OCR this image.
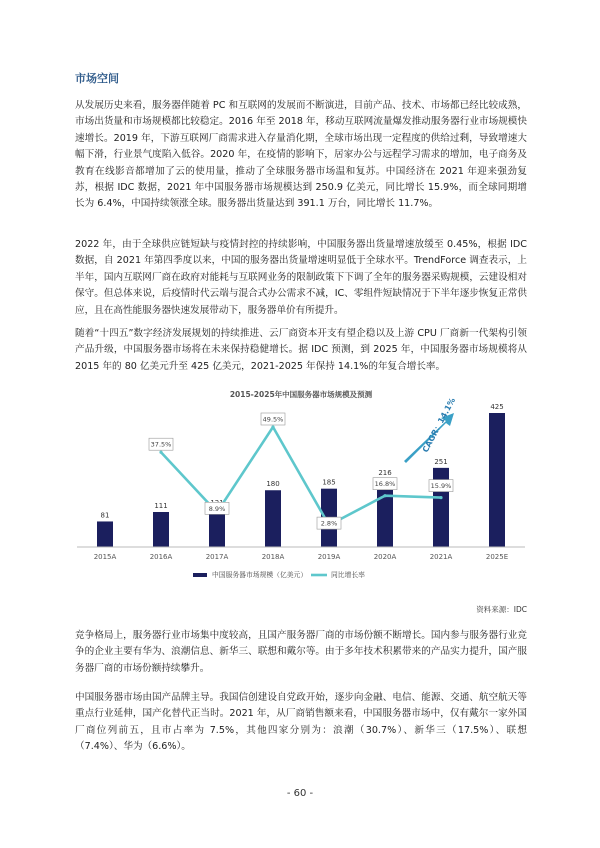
市场空间

从发展历史来看，服务器伴随着 PC 和互联网的发展而不断演进，目前产品、技术、市场都已经比较成熟，市场出货量和市场规模都比较稳定。2016 年至 2018 年，移动互联网流量爆发推动服务器行业市场规模快速增长。2019 年，下游互联网厂商需求进入存量消化期，全球市场出现一定程度的供给过剩，导致增速大幅下滑，行业景气度陷入低谷。2020 年，在疫情的影响下，居家办公与远程学习需求的增加，电子商务及教育在线影音都增加了云的使用量，推动了全球服务器市场温和复苏。中国经济在 2021 年迎来强劲复苏，根据 IDC 数据，2021 年中国服务器市场规模达到 250.9 亿美元，同比增长 15.9%，而全球同期增长为 6.4%，中国持续领涨全球。服务器出货量达到 391.1 万台，同比增长 11.7%。

2022 年，由于全球供应链短缺与疫情封控的持续影响，中国服务器出货量增速放缓至 0.45%，根据 IDC 数据，自 2021 年第四季度以来，中国的服务器出货量增速明显低于全球水平。TrendForce 调查表示，上半年，国内互联网厂商在政府对能耗与互联网业务的限制政策下下调了全年的服务器采购规模，云建设相对保守。但总体来说，后疫情时代云端与混合式办公需求不减，IC、零组件短缺情况于下半年逐步恢复正常供应，且在高性能服务器快速发展带动下，服务器单价有所提升。

随着“十四五”数字经济发展规划的持续推进、云厂商资本开支有望企稳以及上游 CPU 厂商新一代架构引领产品升级，中国服务器市场将在未来保持稳健增长。据 IDC 预测，到 2025 年，中国服务器市场规模将从 2015 年的 80 亿美元升至 425 亿美元，2021-2025 年保持 14.1%的年复合增长率。

2015-2025年中国服务器市场规模及预测
81
111
180	185
216
251
425
2015A	2016A	2017A	2018A	2019A	2020A	2021A	2025E
37.5%
8.9%
49.5%
2.8%
16.8%	15.9%
CAGR：14.1%
中国服务器市场规模（亿美元）	同比增长率
资料来源：IDC

竞争格局上，服务器行业市场集中度较高，且国产服务器厂商的市场份额不断增长。国内参与服务器行业竞争的企业主要有华为、浪潮信息、新华三、联想和戴尔等。由于多年技术积累带来的产品实力提升，国产服务器厂商的市场份额持续攀升。

中国服务器市场由国产品牌主导。我国信创建设自党政开始，逐步向金融、电信、能源、交通、航空航天等重点行业延伸，国产化替代正当时。2021 年，从厂商销售额来看，中国服务器市场中，仅有戴尔一家外国厂商位列前五，且市占率为 7.5%，其他四家分别为：浪潮（30.7%）、新华三（17.5%）、联想（7.4%）、华为（6.6%）。

- 60 -
